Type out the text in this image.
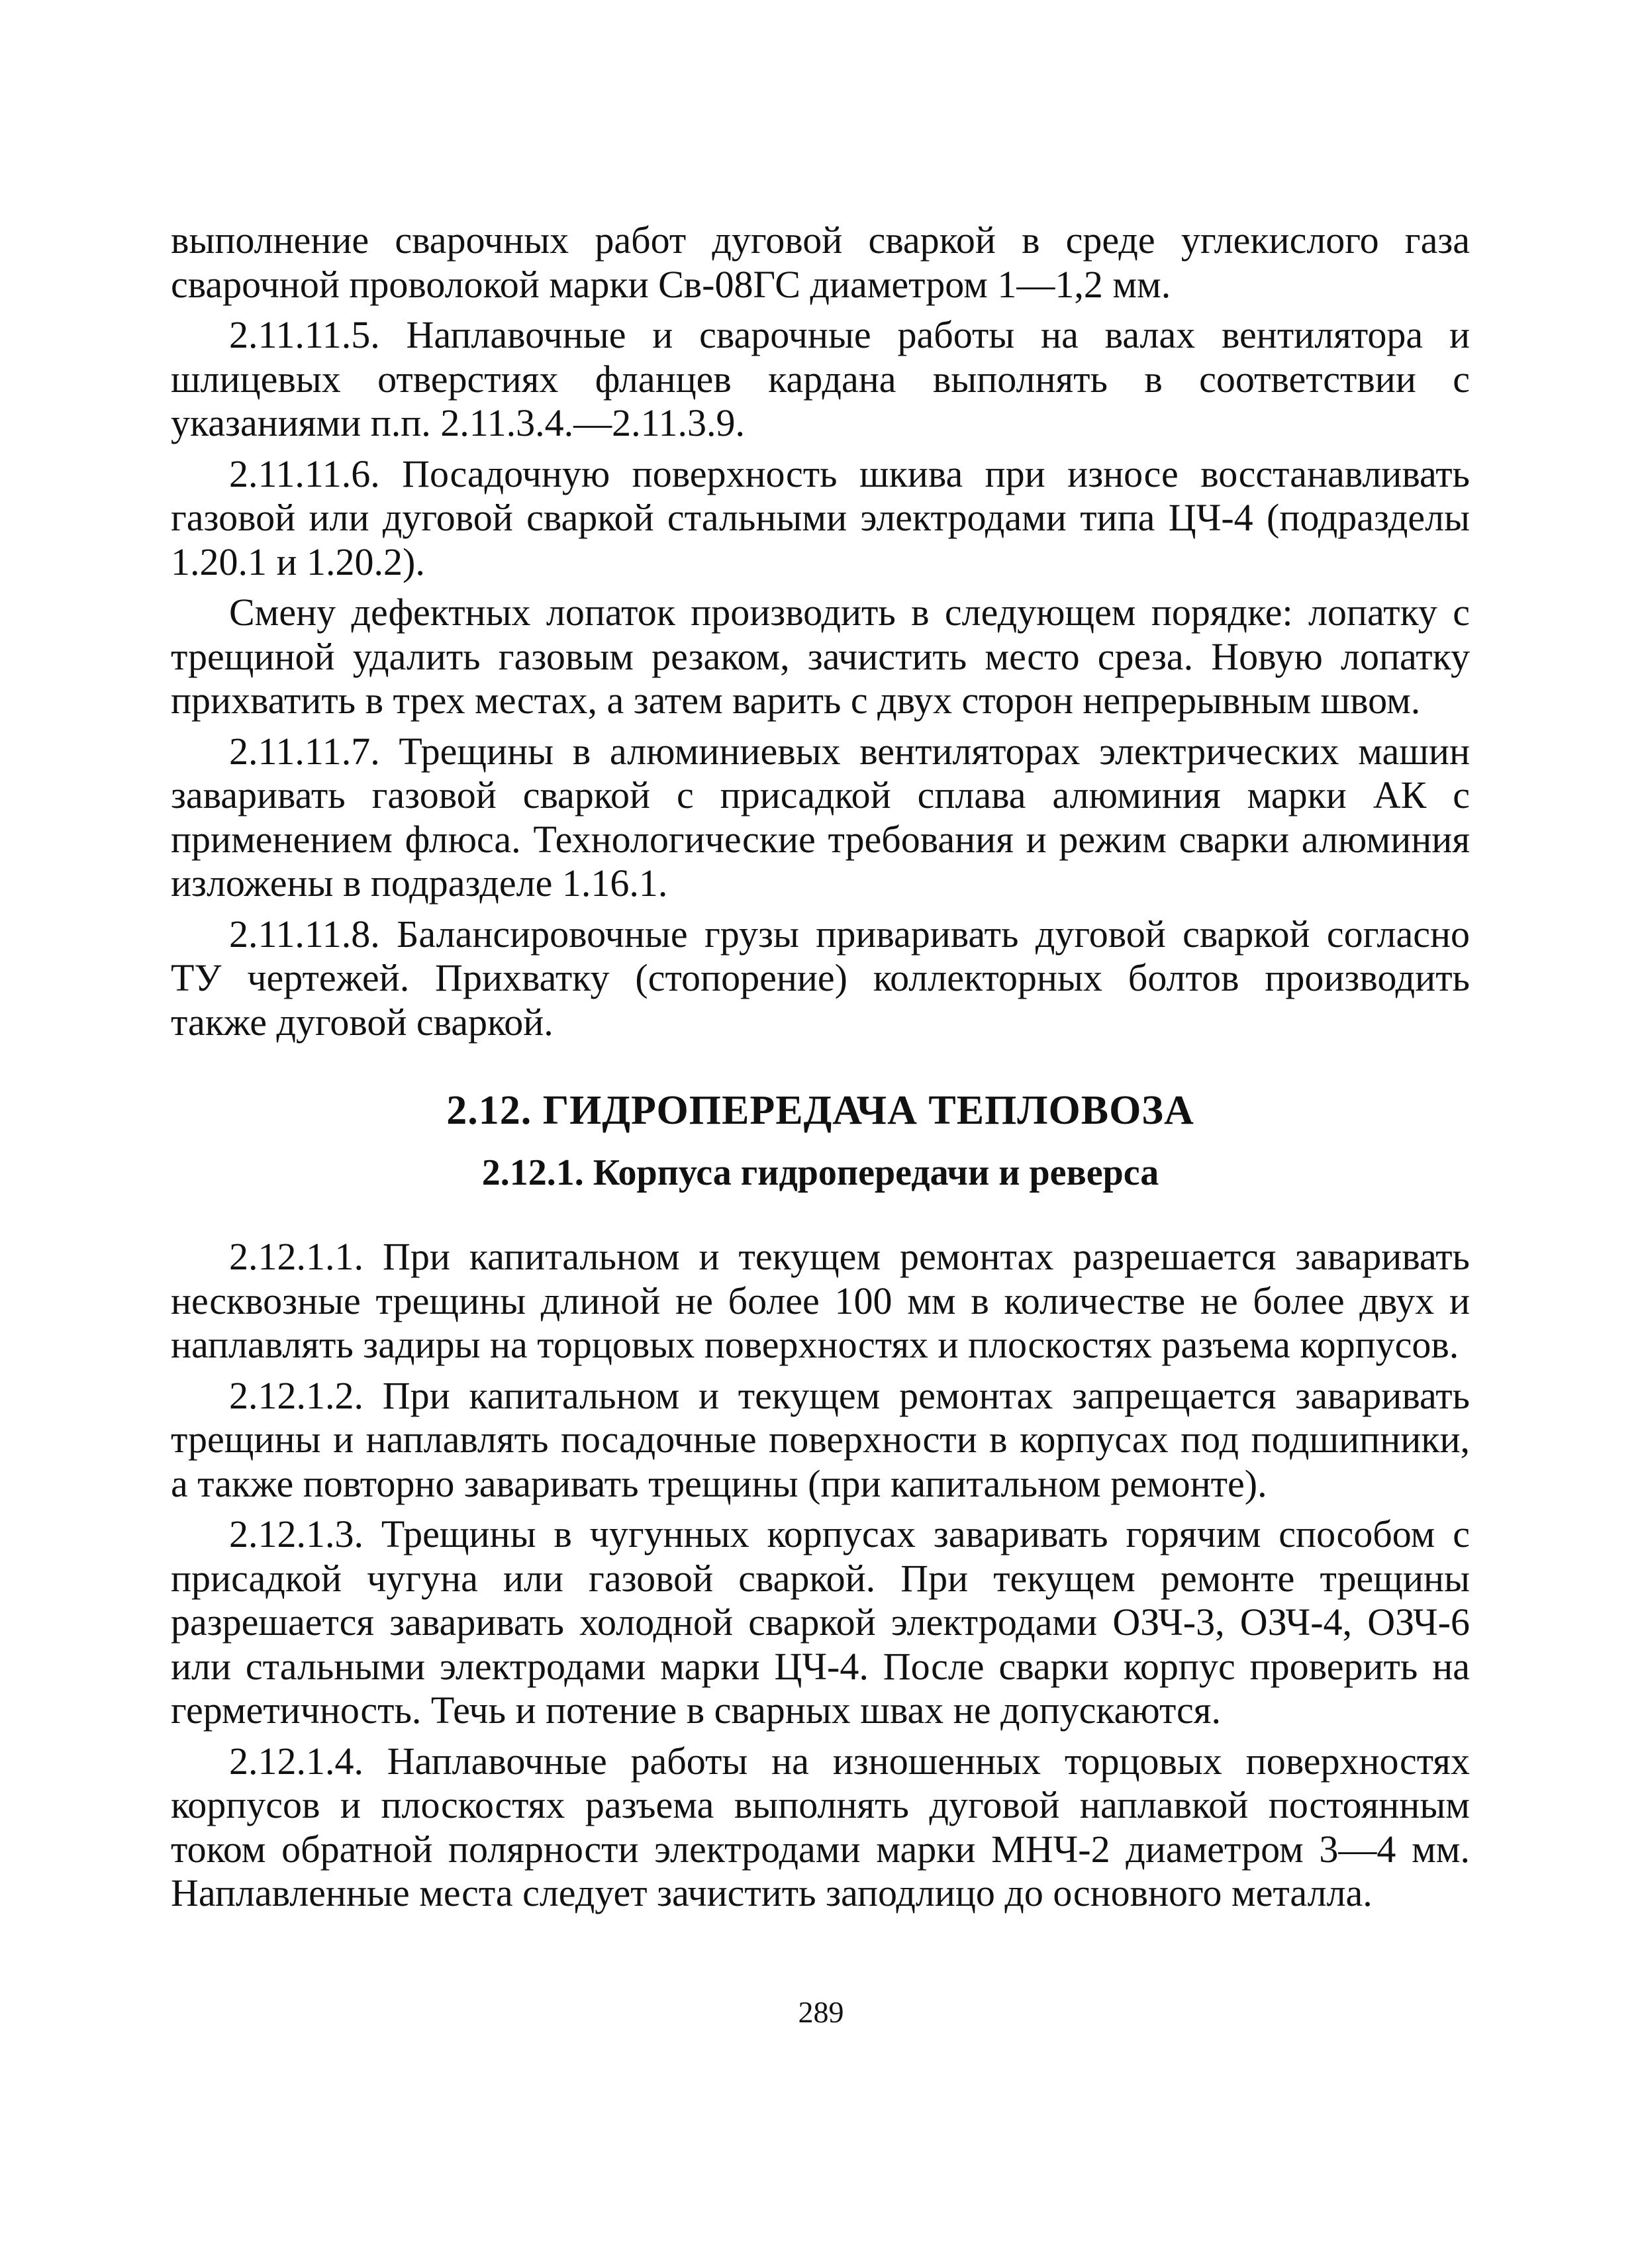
выполнение сварочных работ дуговой сваркой в среде углекислого газа сварочной проволокой марки Св-08ГС диаметром 1—1,2 мм.

2.11.11.5. Наплавочные и сварочные работы на валах вентилятора и шлицевых отверстиях фланцев кардана выполнять в соответствии с указаниями п.п. 2.11.3.4.—2.11.3.9.

2.11.11.6. Посадочную поверхность шкива при износе восстанавливать газовой или дуговой сваркой стальными электродами типа ЦЧ-4 (подразделы 1.20.1 и 1.20.2).

Смену дефектных лопаток производить в следующем порядке: лопатку с трещиной удалить газовым резаком, зачистить место среза. Новую лопатку прихватить в трех местах, а затем варить с двух сторон непрерывным швом.

2.11.11.7. Трещины в алюминиевых вентиляторах электрических машин заваривать газовой сваркой с присадкой сплава алюминия марки АК с применением флюса. Технологические требования и режим сварки алюминия изложены в подразделе 1.16.1.

2.11.11.8. Балансировочные грузы приваривать дуговой сваркой согласно ТУ чертежей. Прихватку (стопорение) коллекторных болтов производить также дуговой сваркой.

2.12. ГИДРОПЕРЕДАЧА ТЕПЛОВОЗА
2.12.1. Корпуса гидропередачи и реверса

2.12.1.1. При капитальном и текущем ремонтах разрешается заваривать несквозные трещины длиной не более 100 мм в количестве не более двух и наплавлять задиры на торцовых поверхностях и плоскостях разъема корпусов.

2.12.1.2. При капитальном и текущем ремонтах запрещается заваривать трещины и наплавлять посадочные поверхности в корпусах под подшипники, а также повторно заваривать трещины (при капитальном ремонте).

2.12.1.3. Трещины в чугунных корпусах заваривать горячим способом с присадкой чугуна или газовой сваркой. При текущем ремонте трещины разрешается заваривать холодной сваркой электродами ОЗЧ-3, ОЗЧ-4, ОЗЧ-6 или стальными электродами марки ЦЧ-4. После сварки корпус проверить на герметичность. Течь и потение в сварных швах не допускаются.

2.12.1.4. Наплавочные работы на изношенных торцовых поверхностях корпусов и плоскостях разъема выполнять дуговой наплавкой постоянным током обратной полярности электродами марки МНЧ-2 диаметром 3—4 мм. Наплавленные места следует зачистить заподлицо до основного металла.

289
